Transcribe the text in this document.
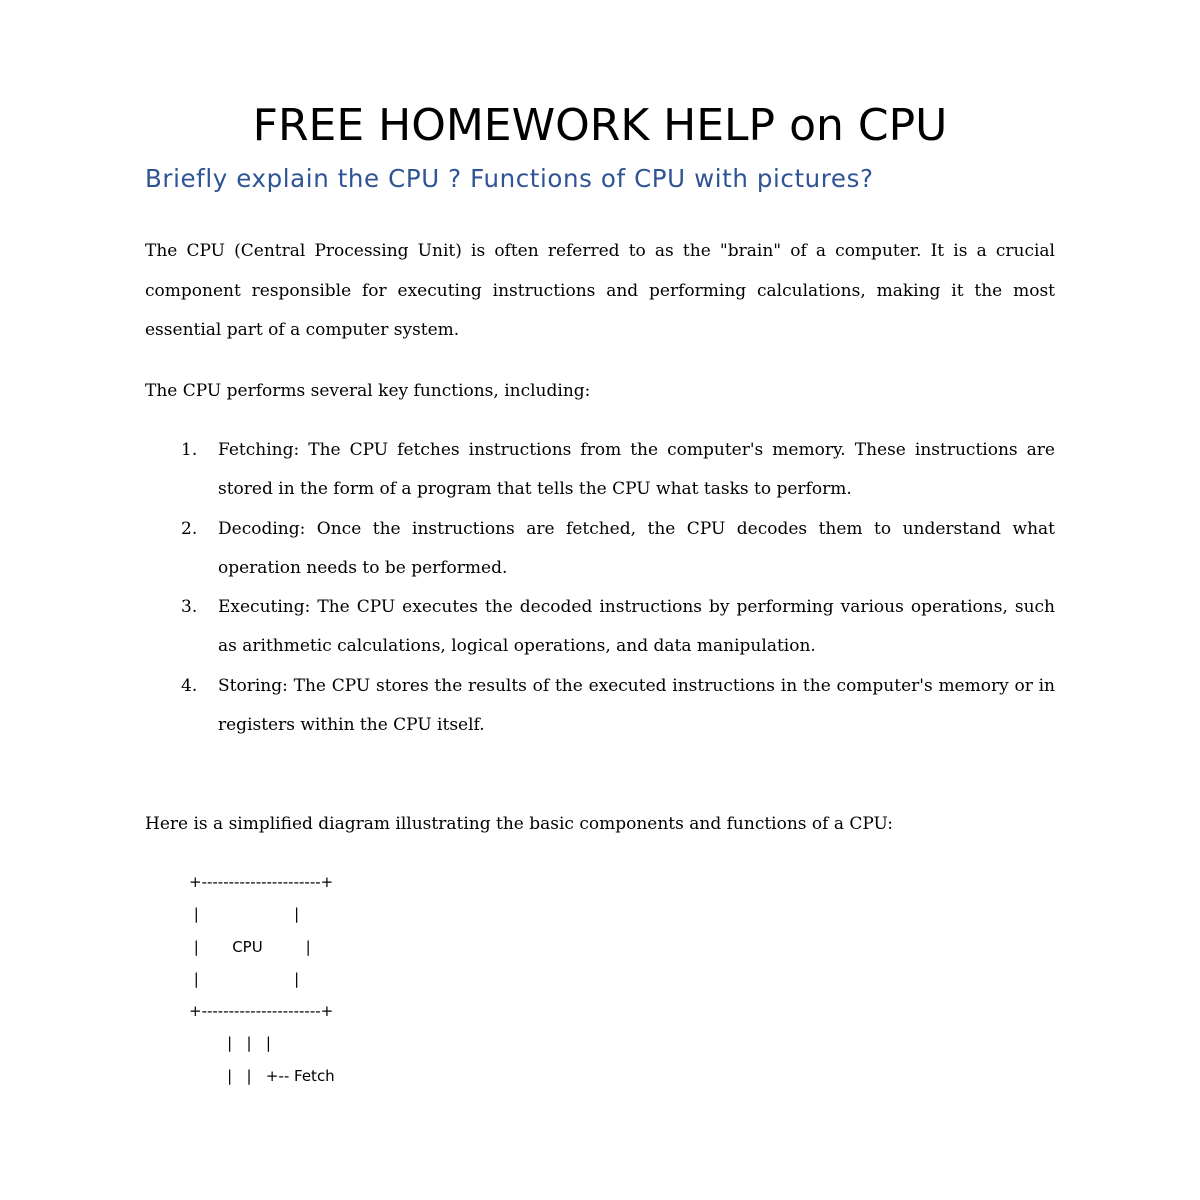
FREE HOMEWORK HELP on CPU
Briefly explain the CPU ? Functions of CPU with pictures?

The CPU (Central Processing Unit) is often referred to as the "brain" of a computer. It is a crucial component responsible for executing instructions and performing calculations, making it the most essential part of a computer system.

The CPU performs several key functions, including:

1. Fetching: The CPU fetches instructions from the computer's memory. These instructions are stored in the form of a program that tells the CPU what tasks to perform.
2. Decoding: Once the instructions are fetched, the CPU decodes them to understand what operation needs to be performed.
3. Executing: The CPU executes the decoded instructions by performing various operations, such as arithmetic calculations, logical operations, and data manipulation.
4. Storing: The CPU stores the results of the executed instructions in the computer's memory or in registers within the CPU itself.

Here is a simplified diagram illustrating the basic components and functions of a CPU:

+----------------------+
|                    |
|       CPU         |
|                    |
+----------------------+
|   |   |
|   |   +-- Fetch
